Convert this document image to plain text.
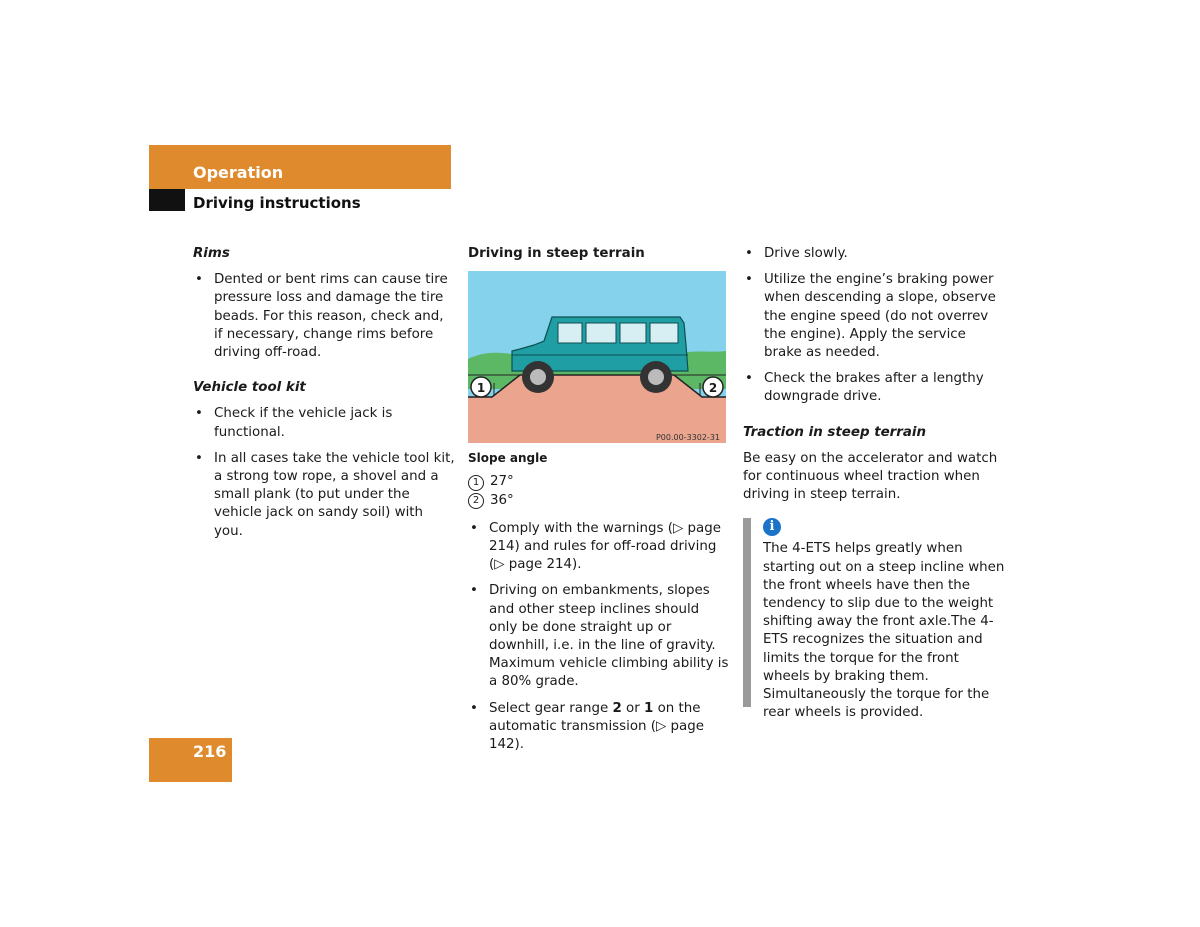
Operation
Driving instructions
Rims
• Dented or bent rims can cause tire pressure loss and damage the tire beads. For this reason, check and, if necessary, change rims before driving off-road.
Vehicle tool kit
• Check if the vehicle jack is functional.
• In all cases take the vehicle tool kit, a strong tow rope, a shovel and a small plank (to put under the vehicle jack on sandy soil) with you.
Driving in steep terrain
1	2
P00.00-3302-31
Slope angle
1 27°
2 36°
• Comply with the warnings (▷ page 214) and rules for off-road driving (▷ page 214).
• Driving on embankments, slopes and other steep inclines should only be done straight up or downhill, i.e. in the line of gravity. Maximum vehicle climbing ability is a 80% grade.
• Select gear range 2 or 1 on the automatic transmission (▷ page 142).
• Drive slowly.
• Utilize the engine’s braking power when descending a slope, observe the engine speed (do not overrev the engine). Apply the service brake as needed.
• Check the brakes after a lengthy downgrade drive.
Traction in steep terrain
Be easy on the accelerator and watch for continuous wheel traction when driving in steep terrain.
i
The 4-ETS helps greatly when starting out on a steep incline when the front wheels have then the tendency to slip due to the weight shifting away the front axle.The 4-ETS recognizes the situation and limits the torque for the front wheels by braking them. Simultaneously the torque for the rear wheels is provided.
216
